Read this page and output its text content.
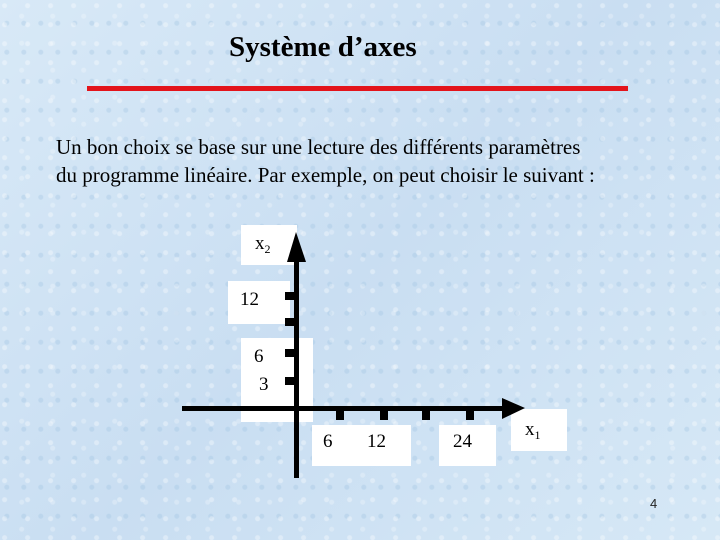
Système d’axes
Un bon choix se base sur une lecture des différents paramètres
du programme linéaire. Par exemple, on peut choisir le suivant :
$x_2$
12
6
3
6 12	24
$x_1$
4
